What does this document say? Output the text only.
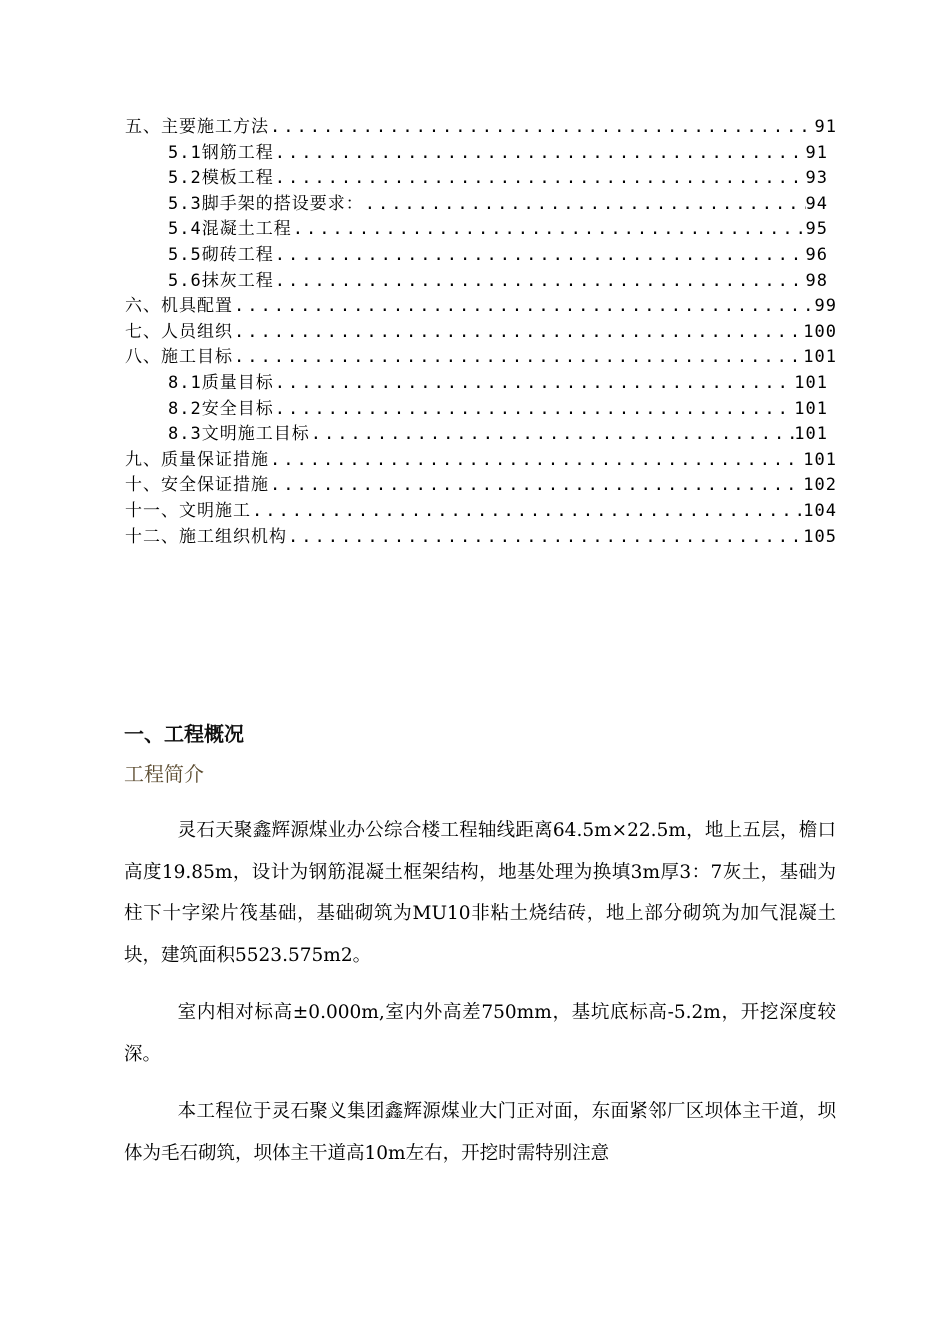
五、主要施工方法 .....	91
5.1钢筋工程 .....	91
5.2模板工程 .....	93
5.3脚手架的搭设要求： .....	94
5.4混凝土工程 .....	95
5.5砌砖工程 .....	96
5.6抹灰工程 .....	98
六、机具配置 .....	99
七、人员组织 .....	100
八、施工目标 .....	101
8.1质量目标 .....	101
8.2安全目标 .....	101
8.3文明施工目标 .....	101
九、质量保证措施 .....	101
十、安全保证措施 .....	102
十一、文明施工 .....	104
十二、施工组织机构 .....	105
一、工程概况
工程简介

灵石天聚鑫辉源煤业办公综合楼工程轴线距离64.5m×22.5m，地上五层，檐口高度19.85m，设计为钢筋混凝土框架结构，地基处理为换填3m厚3：7灰土，基础为柱下十字梁片筏基础，基础砌筑为MU10非粘土烧结砖，地上部分砌筑为加气混凝土块，建筑面积5523.575m2。

室内相对标高±0.000m,室内外高差750mm，基坑底标高-5.2m，开挖深度较深。

本工程位于灵石聚义集团鑫辉源煤业大门正对面，东面紧邻厂区坝体主干道，坝体为毛石砌筑，坝体主干道高10m左右，开挖时需特别注意
